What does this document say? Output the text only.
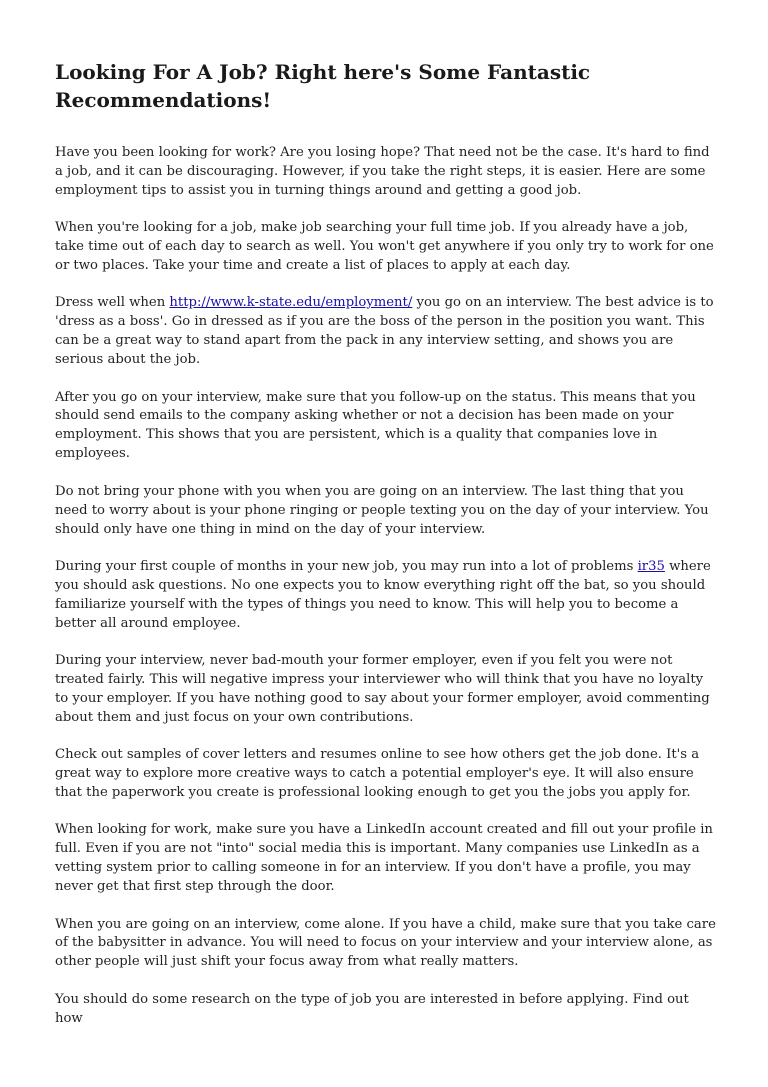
Looking For A Job? Right here's Some Fantastic Recommendations!

Have you been looking for work? Are you losing hope? That need not be the case. It's hard to find a job, and it can be discouraging. However, if you take the right steps, it is easier. Here are some employment tips to assist you in turning things around and getting a good job.

When you're looking for a job, make job searching your full time job. If you already have a job, take time out of each day to search as well. You won't get anywhere if you only try to work for one or two places. Take your time and create a list of places to apply at each day.

Dress well when http://www.k-state.edu/employment/ you go on an interview. The best advice is to 'dress as a boss'. Go in dressed as if you are the boss of the person in the position you want. This can be a great way to stand apart from the pack in any interview setting, and shows you are serious about the job.

After you go on your interview, make sure that you follow-up on the status. This means that you should send emails to the company asking whether or not a decision has been made on your employment. This shows that you are persistent, which is a quality that companies love in employees.

Do not bring your phone with you when you are going on an interview. The last thing that you need to worry about is your phone ringing or people texting you on the day of your interview. You should only have one thing in mind on the day of your interview.

During your first couple of months in your new job, you may run into a lot of problems ir35 where you should ask questions. No one expects you to know everything right off the bat, so you should familiarize yourself with the types of things you need to know. This will help you to become a better all around employee.

During your interview, never bad-mouth your former employer, even if you felt you were not treated fairly. This will negative impress your interviewer who will think that you have no loyalty to your employer. If you have nothing good to say about your former employer, avoid commenting about them and just focus on your own contributions.

Check out samples of cover letters and resumes online to see how others get the job done. It's a great way to explore more creative ways to catch a potential employer's eye. It will also ensure that the paperwork you create is professional looking enough to get you the jobs you apply for.

When looking for work, make sure you have a LinkedIn account created and fill out your profile in full. Even if you are not "into" social media this is important. Many companies use LinkedIn as a vetting system prior to calling someone in for an interview. If you don't have a profile, you may never get that first step through the door.

When you are going on an interview, come alone. If you have a child, make sure that you take care of the babysitter in advance. You will need to focus on your interview and your interview alone, as other people will just shift your focus away from what really matters.

You should do some research on the type of job you are interested in before applying. Find out how
